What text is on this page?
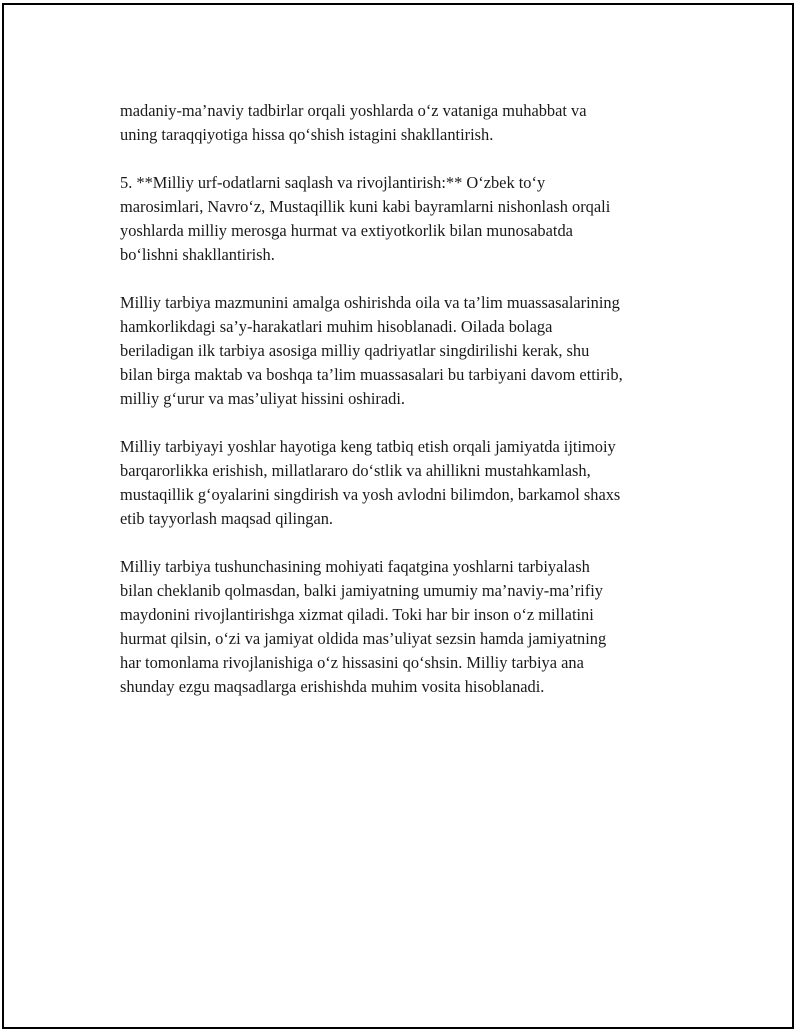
madaniy-ma’naviy tadbirlar orqali yoshlarda o‘z vataniga muhabbat va
uning taraqqiyotiga hissa qo‘shish istagini shakllantirish.

5. **Milliy urf-odatlarni saqlash va rivojlantirish:** O‘zbek to‘y
marosimlari, Navro‘z, Mustaqillik kuni kabi bayramlarni nishonlash orqali
yoshlarda milliy merosga hurmat va extiyotkorlik bilan munosabatda
bo‘lishni shakllantirish.

Milliy tarbiya mazmunini amalga oshirishda oila va ta’lim muassasalarining
hamkorlikdagi sa’y-harakatlari muhim hisoblanadi. Oilada bolaga
beriladigan ilk tarbiya asosiga milliy qadriyatlar singdirilishi kerak, shu
bilan birga maktab va boshqa ta’lim muassasalari bu tarbiyani davom ettirib,
milliy g‘urur va mas’uliyat hissini oshiradi.

Milliy tarbiyayi yoshlar hayotiga keng tatbiq etish orqali jamiyatda ijtimoiy
barqarorlikka erishish, millatlararo do‘stlik va ahillikni mustahkamlash,
mustaqillik g‘oyalarini singdirish va yosh avlodni bilimdon, barkamol shaxs
etib tayyorlash maqsad qilingan.

Milliy tarbiya tushunchasining mohiyati faqatgina yoshlarni tarbiyalash
bilan cheklanib qolmasdan, balki jamiyatning umumiy ma’naviy-ma’rifiy
maydonini rivojlantirishga xizmat qiladi. Toki har bir inson o‘z millatini
hurmat qilsin, o‘zi va jamiyat oldida mas’uliyat sezsin hamda jamiyatning
har tomonlama rivojlanishiga o‘z hissasini qo‘shsin. Milliy tarbiya ana
shunday ezgu maqsadlarga erishishda muhim vosita hisoblanadi.
